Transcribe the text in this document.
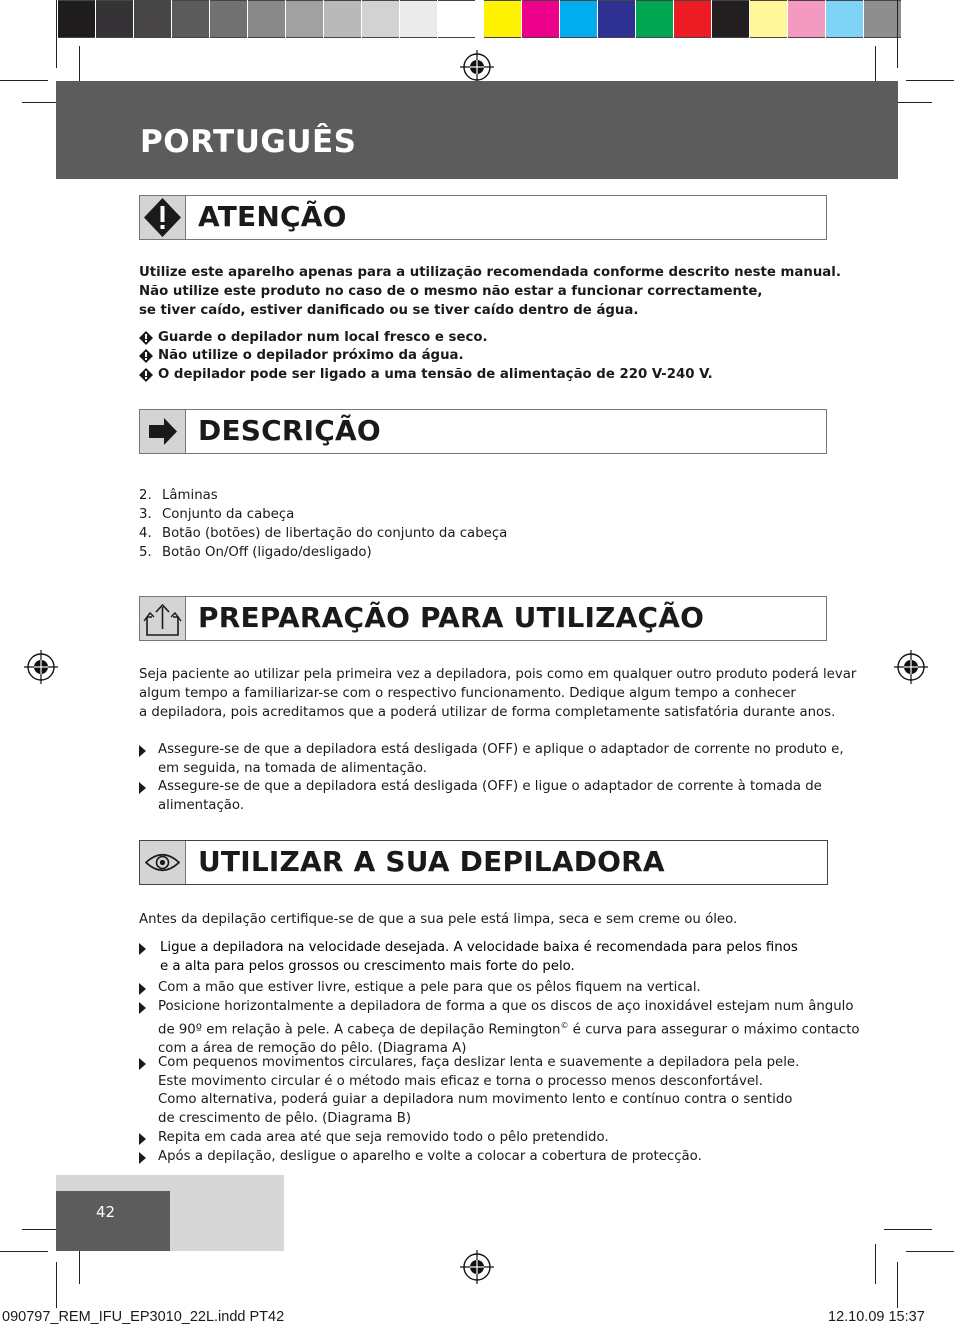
PORTUGUÊS
ATENÇÃO
Utilize este aparelho apenas para a utilização recomendada conforme descrito neste manual.
Não utilize este produto no caso de o mesmo não estar a funcionar correctamente,
se tiver caído, estiver danificado ou se tiver caído dentro de água.
Guarde o depilador num local fresco e seco.
Não utilize o depilador próximo da água.
O depilador pode ser ligado a uma tensão de alimentação de 220 V-240 V.
DESCRIÇÃO
2. Lâminas
3. Conjunto da cabeça
4. Botão (botões) de libertação do conjunto da cabeça
5. Botão On/Off (ligado/desligado)
PREPARAÇÃO PARA UTILIZAÇÃO
Seja paciente ao utilizar pela primeira vez a depiladora, pois como em qualquer outro produto poderá levar
algum tempo a familiarizar-se com o respectivo funcionamento. Dedique algum tempo a conhecer
a depiladora, pois acreditamos que a poderá utilizar de forma completamente satisfatória durante anos.
Assegure-se de que a depiladora está desligada (OFF) e aplique o adaptador de corrente no produto e,
em seguida, na tomada de alimentação.
Assegure-se de que a depiladora está desligada (OFF) e ligue o adaptador de corrente à tomada de
alimentação.
UTILIZAR A SUA DEPILADORA
Antes da depilação certifique-se de que a sua pele está limpa, seca e sem creme ou óleo.
Ligue a depiladora na velocidade desejada. A velocidade baixa é recomendada para pelos finos
e a alta para pelos grossos ou crescimento mais forte do pelo.
Com a mão que estiver livre, estique a pele para que os pêlos fiquem na vertical.
Posicione horizontalmente a depiladora de forma a que os discos de aço inoxidável estejam num ângulo
de 90º em relação à pele. A cabeça de depilação Remington© é curva para assegurar o máximo contacto
com a área de remoção do pêlo. (Diagrama A)
Com pequenos movimentos circulares, faça deslizar lenta e suavemente a depiladora pela pele.
Este movimento circular é o método mais eficaz e torna o processo menos desconfortável.
Como alternativa, poderá guiar a depiladora num movimento lento e contínuo contra o sentido
de crescimento de pêlo. (Diagrama B)
Repita em cada area até que seja removido todo o pêlo pretendido.
Após a depilação, desligue o aparelho e volte a colocar a cobertura de protecção.
42
090797_REM_IFU_EP3010_22L.indd PT42	12.10.09 15:37
